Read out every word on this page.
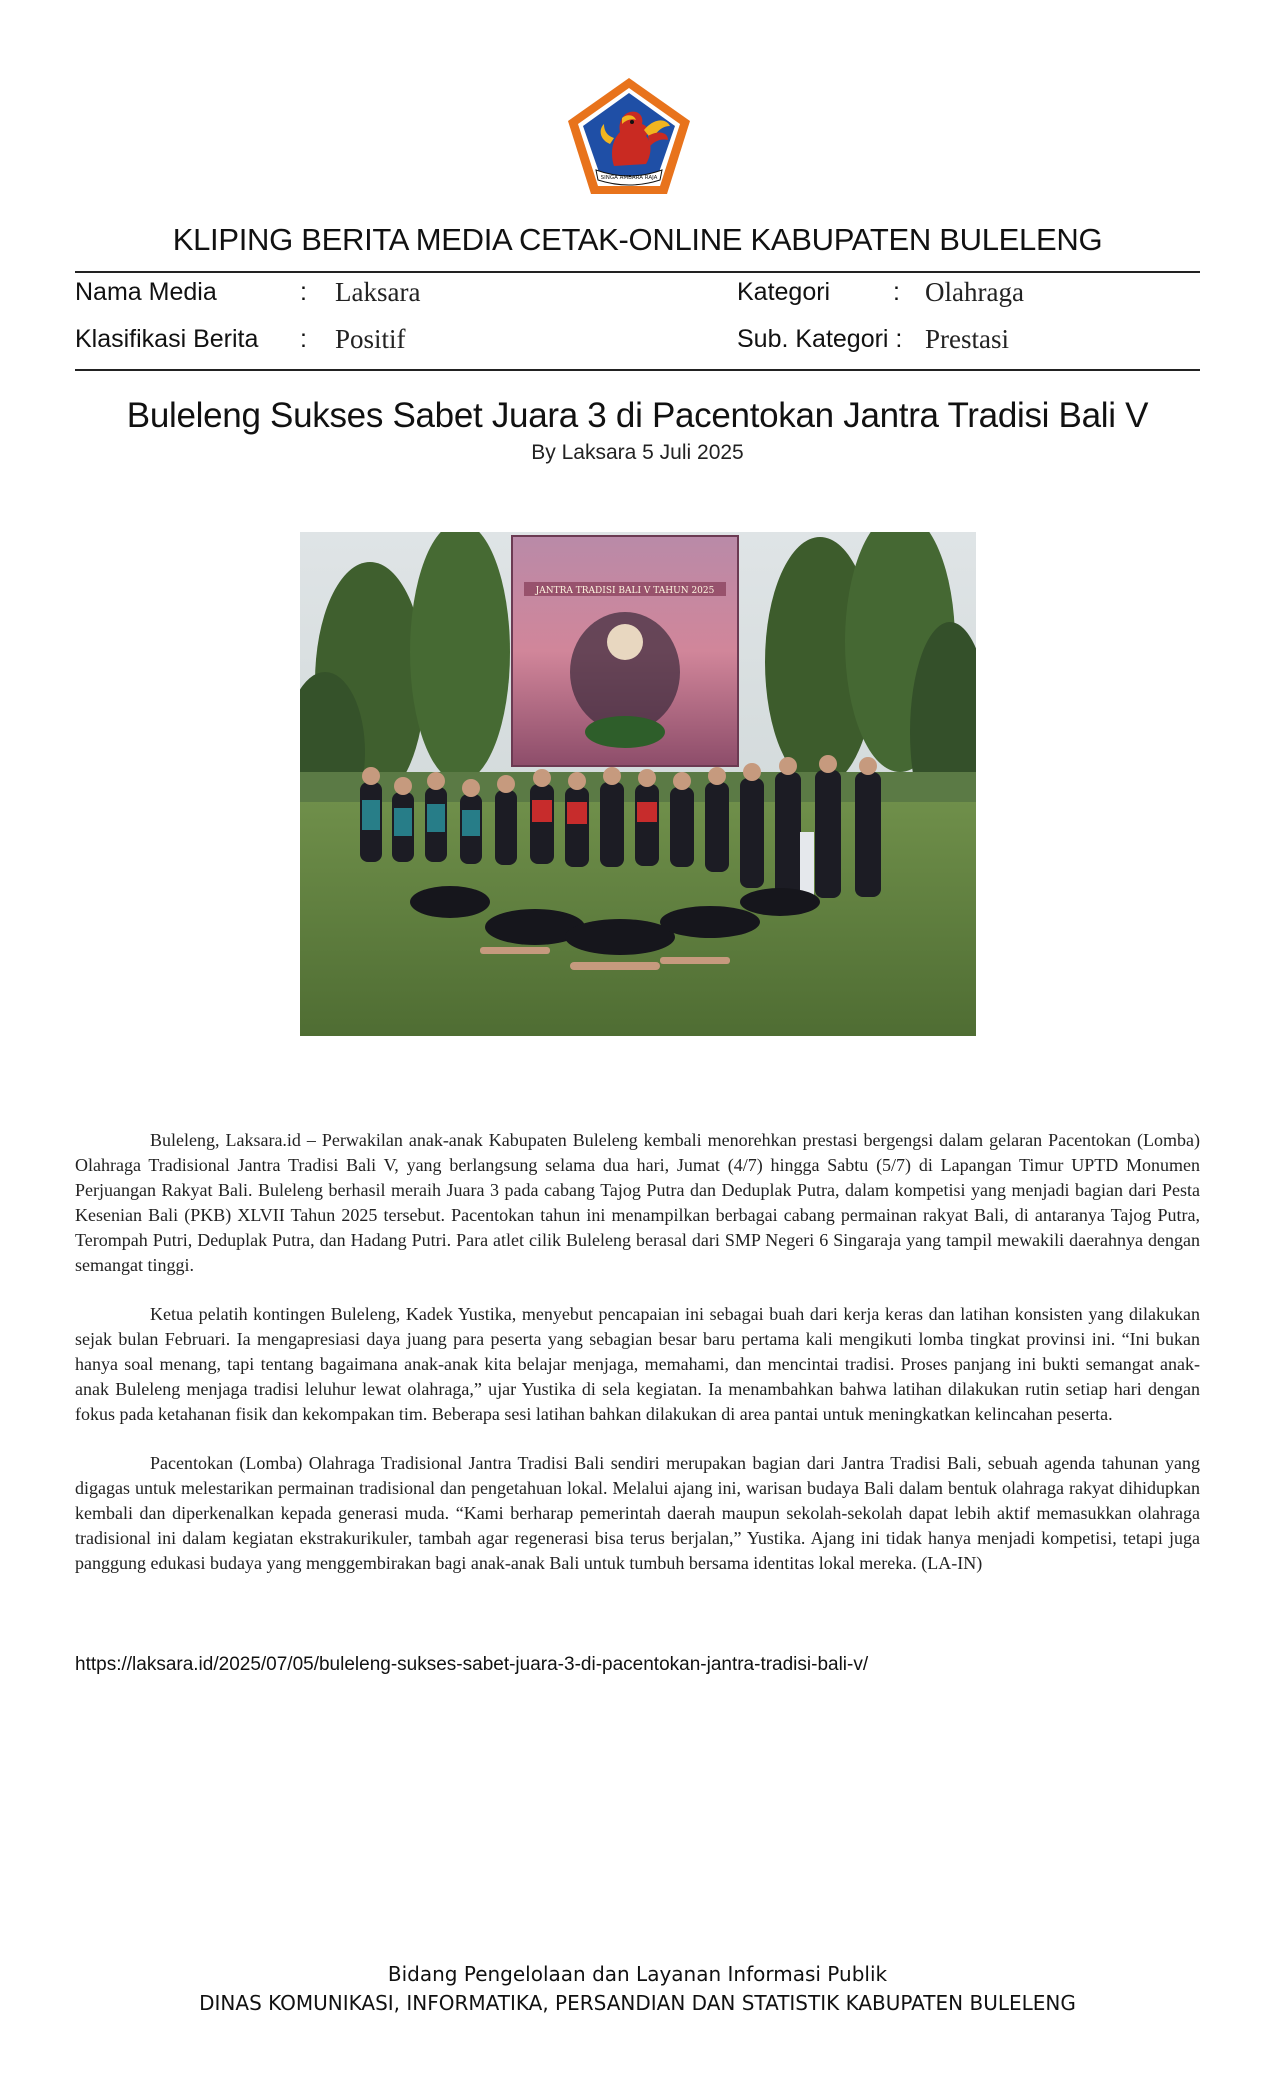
SINGA AMBARA RAJA
KLIPING BERITA MEDIA CETAK-ONLINE KABUPATEN BULELENG
Nama Media	: Laksara	Kategori	: Olahraga
Klasifikasi Berita : Positif	Sub. Kategori : Prestasi
Buleleng Sukses Sabet Juara 3 di Pacentokan Jantra Tradisi Bali V
By Laksara 5 Juli 2025
JANTRA TRADISI BALI V TAHUN 2025

Buleleng, Laksara.id – Perwakilan anak-anak Kabupaten Buleleng kembali menorehkan prestasi bergengsi dalam gelaran Pacentokan (Lomba) Olahraga Tradisional Jantra Tradisi Bali V, yang berlangsung selama dua hari, Jumat (4/7) hingga Sabtu (5/7) di Lapangan Timur UPTD Monumen Perjuangan Rakyat Bali. Buleleng berhasil meraih Juara 3 pada cabang Tajog Putra dan Deduplak Putra, dalam kompetisi yang menjadi bagian dari Pesta Kesenian Bali (PKB) XLVII Tahun 2025 tersebut. Pacentokan tahun ini menampilkan berbagai cabang permainan rakyat Bali, di antaranya Tajog Putra, Terompah Putri, Deduplak Putra, dan Hadang Putri. Para atlet cilik Buleleng berasal dari SMP Negeri 6 Singaraja yang tampil mewakili daerahnya dengan semangat tinggi.

Ketua pelatih kontingen Buleleng, Kadek Yustika, menyebut pencapaian ini sebagai buah dari kerja keras dan latihan konsisten yang dilakukan sejak bulan Februari. Ia mengapresiasi daya juang para peserta yang sebagian besar baru pertama kali mengikuti lomba tingkat provinsi ini. “Ini bukan hanya soal menang, tapi tentang bagaimana anak-anak kita belajar menjaga, memahami, dan mencintai tradisi. Proses panjang ini bukti semangat anak-anak Buleleng menjaga tradisi leluhur lewat olahraga,” ujar Yustika di sela kegiatan. Ia menambahkan bahwa latihan dilakukan rutin setiap hari dengan fokus pada ketahanan fisik dan kekompakan tim. Beberapa sesi latihan bahkan dilakukan di area pantai untuk meningkatkan kelincahan peserta.

Pacentokan (Lomba) Olahraga Tradisional Jantra Tradisi Bali sendiri merupakan bagian dari Jantra Tradisi Bali, sebuah agenda tahunan yang digagas untuk melestarikan permainan tradisional dan pengetahuan lokal. Melalui ajang ini, warisan budaya Bali dalam bentuk olahraga rakyat dihidupkan kembali dan diperkenalkan kepada generasi muda. “Kami berharap pemerintah daerah maupun sekolah-sekolah dapat lebih aktif memasukkan olahraga tradisional ini dalam kegiatan ekstrakurikuler, tambah agar regenerasi bisa terus berjalan,” Yustika. Ajang ini tidak hanya menjadi kompetisi, tetapi juga panggung edukasi budaya yang menggembirakan bagi anak-anak Bali untuk tumbuh bersama identitas lokal mereka. (LA-IN)

https://laksara.id/2025/07/05/buleleng-sukses-sabet-juara-3-di-pacentokan-jantra-tradisi-bali-v/
Bidang Pengelolaan dan Layanan Informasi Publik
DINAS KOMUNIKASI, INFORMATIKA, PERSANDIAN DAN STATISTIK KABUPATEN BULELENG
